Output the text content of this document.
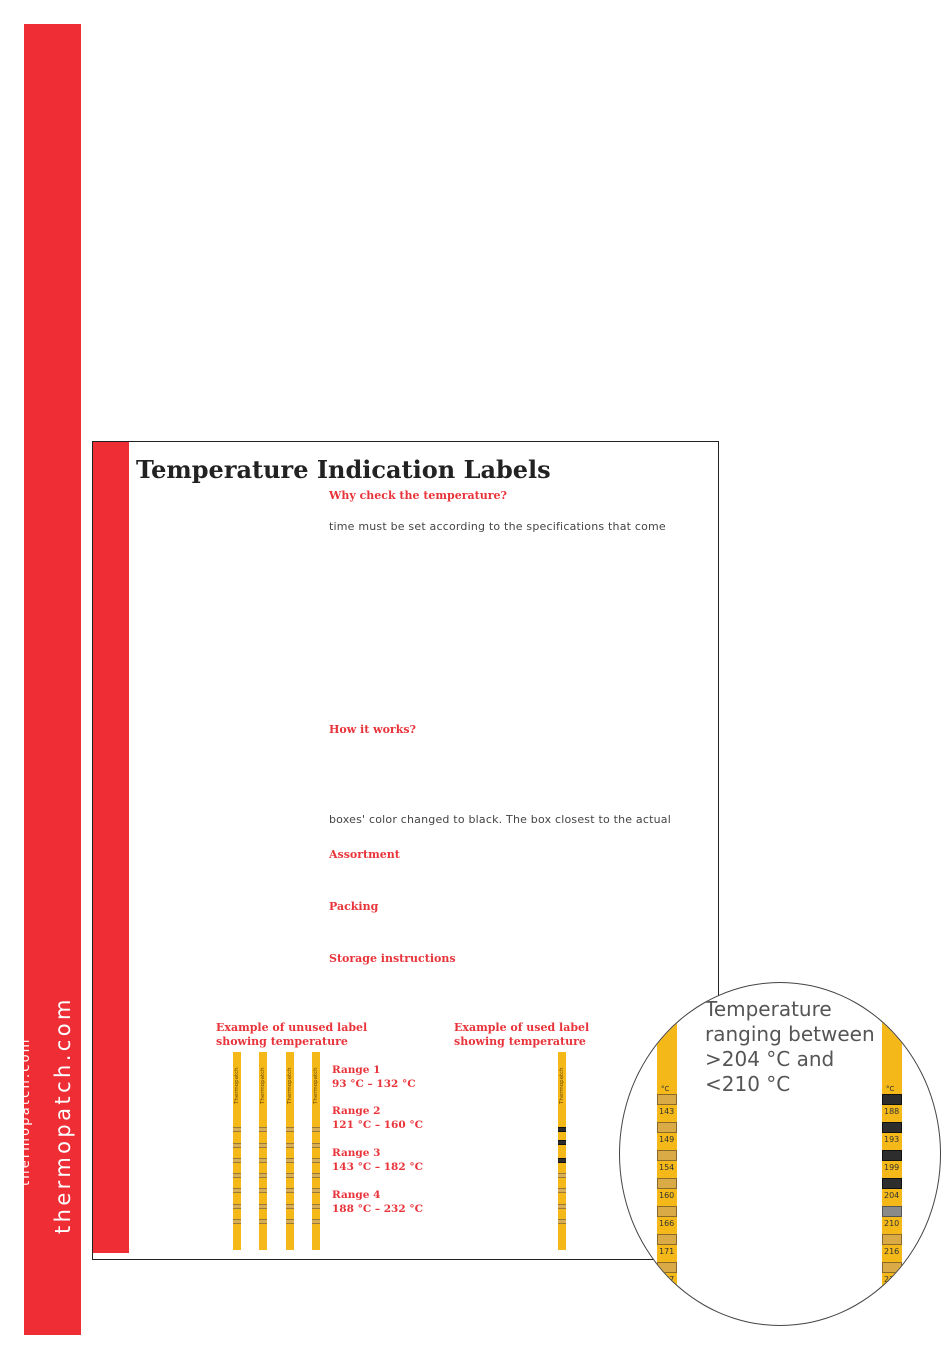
thermopatch.com
thermopatch.com
Temperature Indication Labels
Why check the temperature?
time must be set according to the specifications that come
How it works?
boxes' color changed to black. The box closest to the actual
Assortment
Packing
Storage instructions
Example of unused label
showing temperature
Example of used label
showing temperature
Thermopatch	Thermopatch	Thermopatch	Thermopatch	Thermopatch
Range 1
93 °C – 132 °C
Range 2
121 °C – 160 °C
Range 3
143 °C – 182 °C
Range 4
188 °C – 232 °C
°C
143
149
154
160
166
171
177
°C
188
193
199
204
210
216
221
Temperature
ranging between
>204 °C and
<210 °C
